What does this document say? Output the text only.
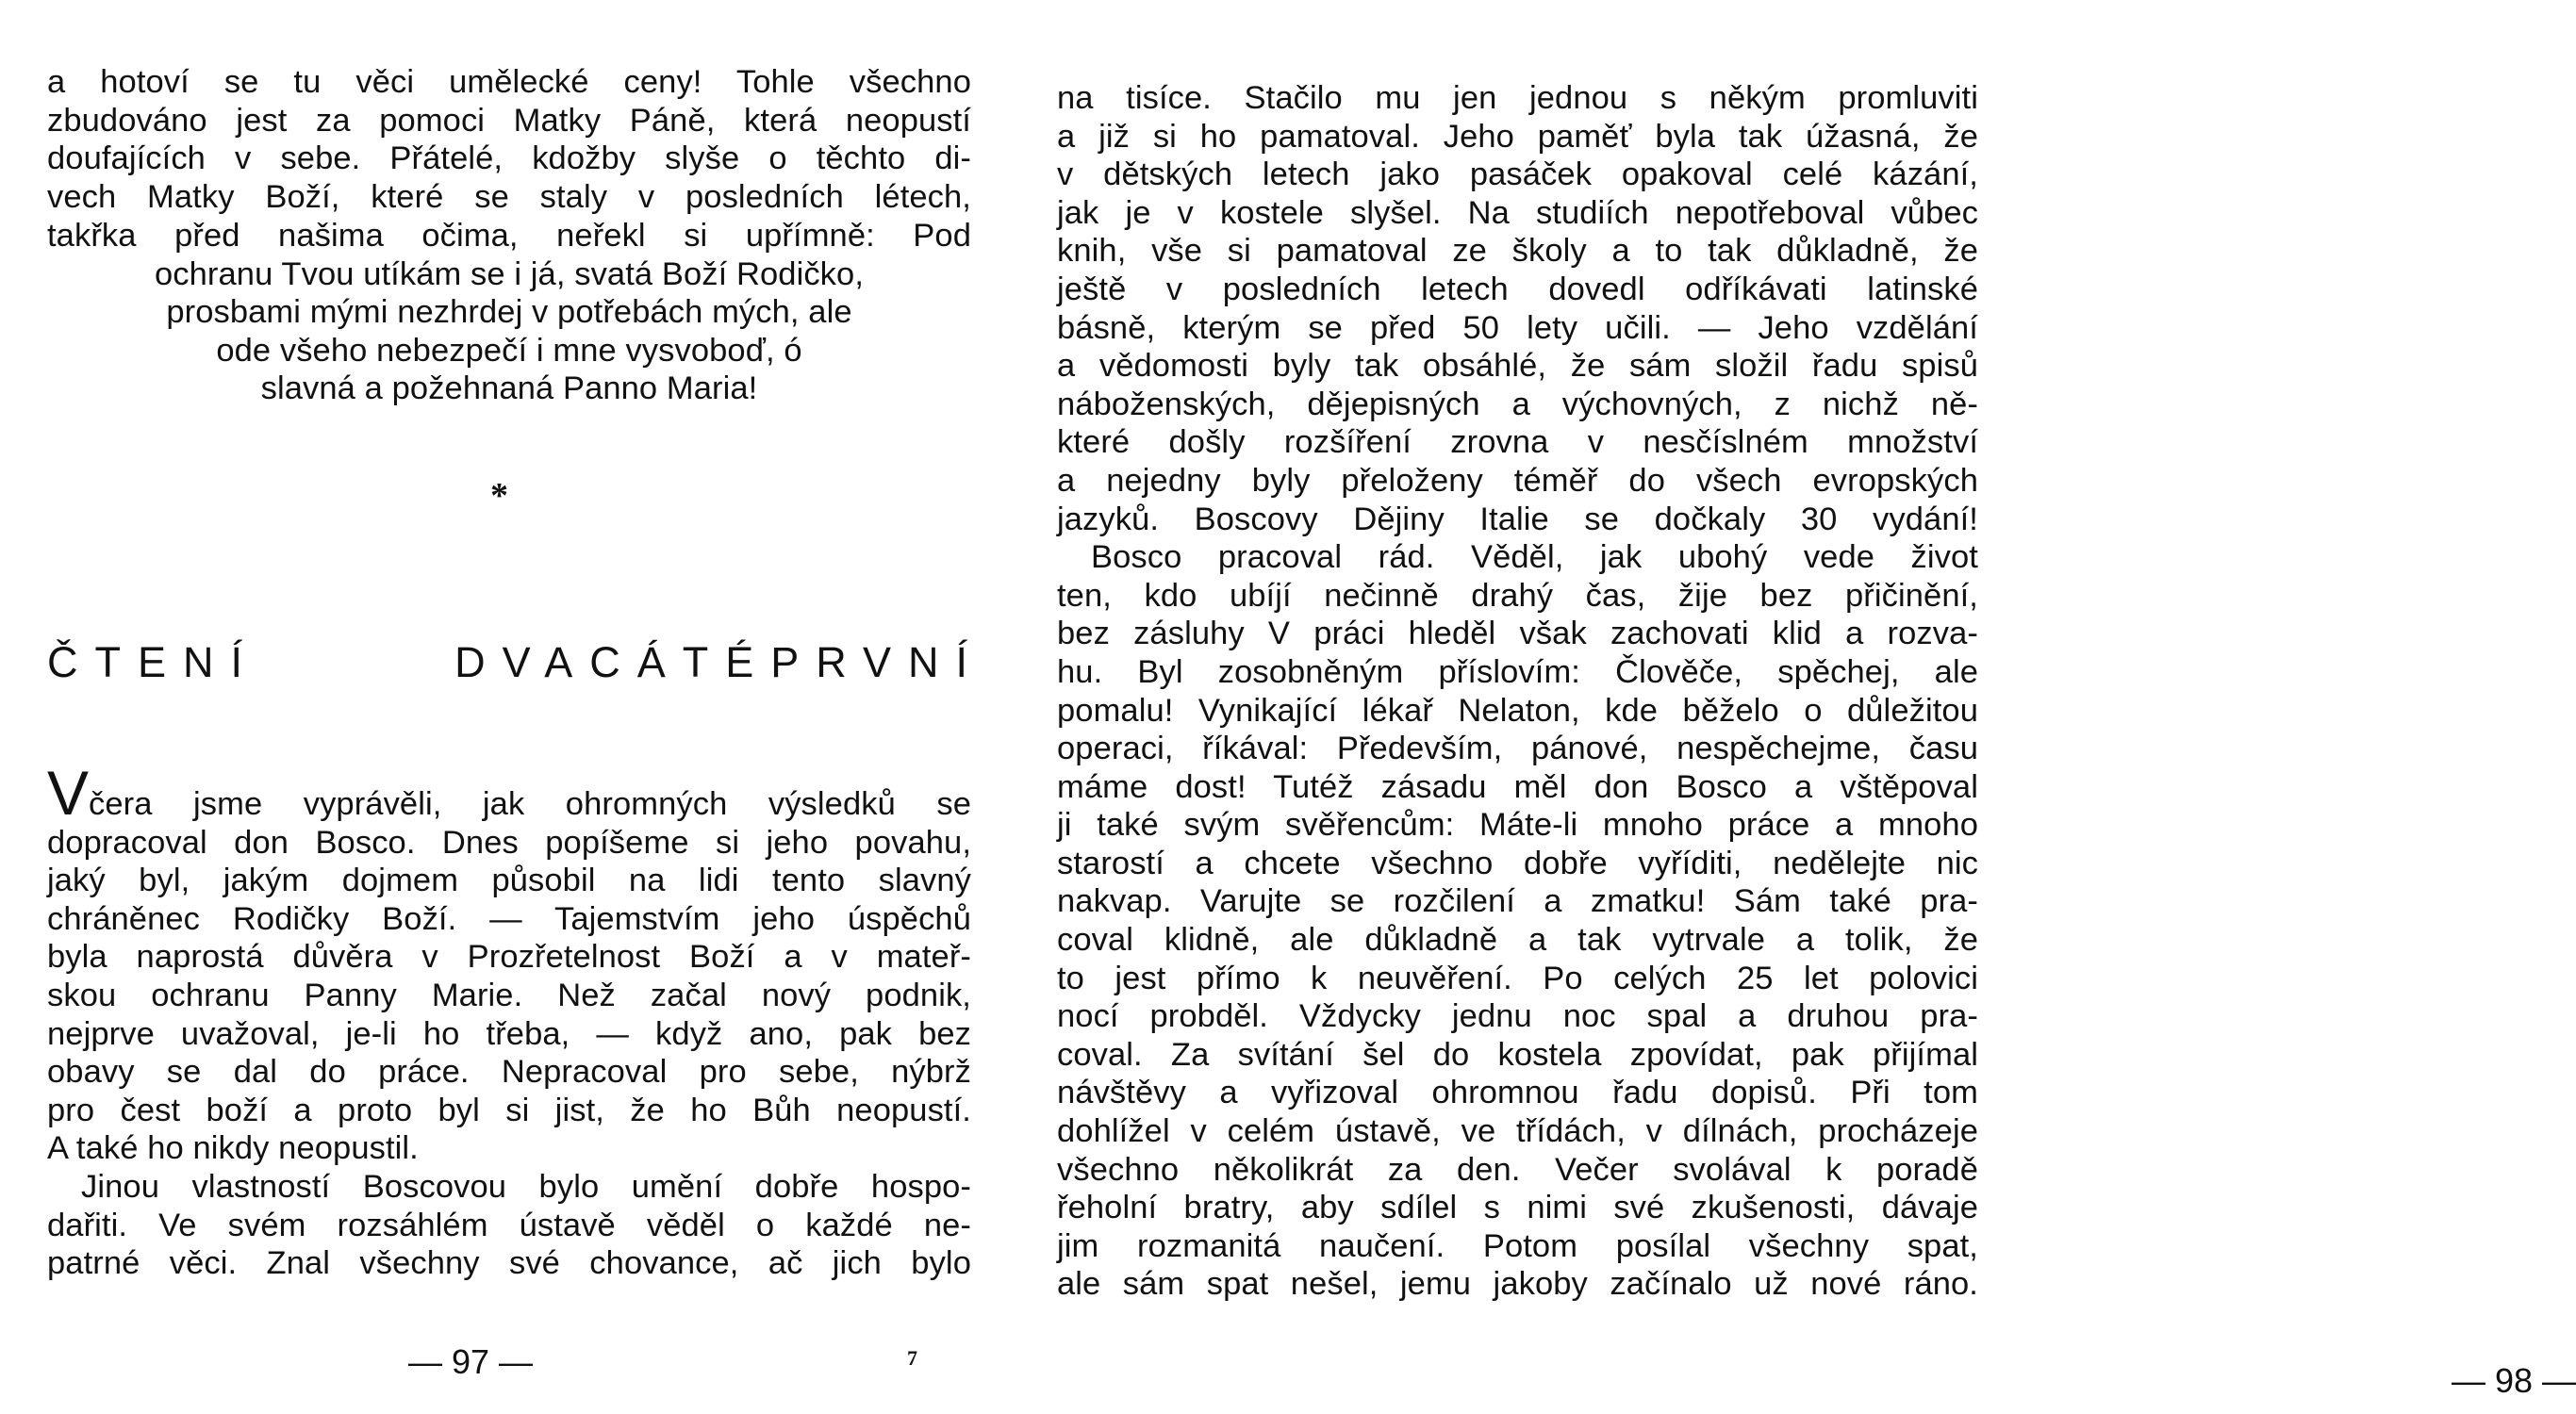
a hotoví se tu věci umělecké ceny! Tohle všechno
zbudováno jest za pomoci Matky Páně, která neopustí
doufajících v sebe. Přátelé, kdožby slyše o těchto di-
vech Matky Boží, které se staly v posledních létech,
takřka před našima očima, neřekl si upřímně: Pod
ochranu Tvou utíkám se i já, svatá Boží Rodičko,
prosbami mými nezhrdej v potřebách mých, ale
ode všeho nebezpečí i mne vysvoboď, ó
slavná a požehnaná Panno Maria!
*
ČTENÍ	DVACÁTÉPRVNÍ
V čera jsme vyprávěli, jak ohromných výsledků se
dopracoval don Bosco. Dnes popíšeme si jeho povahu,
jaký byl, jakým dojmem působil na lidi tento slavný
chráněnec Rodičky Boží. — Tajemstvím jeho úspěchů
byla naprostá důvěra v Prozřetelnost Boží a v mateř-
skou ochranu Panny Marie. Než začal nový podnik,
nejprve uvažoval, je-li ho třeba, — když ano, pak bez
obavy se dal do práce. Nepracoval pro sebe, nýbrž
pro čest boží a proto byl si jist, že ho Bůh neopustí.
A také ho nikdy neopustil.
Jinou vlastností Boscovou bylo umění dobře hospo-
dařiti. Ve svém rozsáhlém ústavě věděl o každé ne-
patrné věci. Znal všechny své chovance, ač jich bylo
— 97 —	7
na tisíce. Stačilo mu jen jednou s někým promluviti
a již si ho pamatoval. Jeho paměť byla tak úžasná, že
v dětských letech jako pasáček opakoval celé kázání,
jak je v kostele slyšel. Na studiích nepotřeboval vůbec
knih, vše si pamatoval ze školy a to tak důkladně, že
ještě v posledních letech dovedl odříkávati latinské
básně, kterým se před 50 lety učili. — Jeho vzdělání
a vědomosti byly tak obsáhlé, že sám složil řadu spisů
náboženských, dějepisných a výchovných, z nichž ně-
které došly rozšíření zrovna v nesčíslném množství
a nejedny byly přeloženy téměř do všech evropských
jazyků. Boscovy Dějiny Italie se dočkaly 30 vydání!
Bosco pracoval rád. Věděl, jak ubohý vede život
ten, kdo ubíjí nečinně drahý čas, žije bez přičinění,
bez zásluhy V práci hleděl však zachovati klid a rozva-
hu. Byl zosobněným příslovím: Člověče, spěchej, ale
pomalu! Vynikající lékař Nelaton, kde běželo o důležitou
operaci, říkával: Především, pánové, nespěchejme, času
máme dost! Tutéž zásadu měl don Bosco a vštěpoval
ji také svým svěřencům: Máte-li mnoho práce a mnoho
starostí a chcete všechno dobře vyříditi, nedělejte nic
nakvap. Varujte se rozčilení a zmatku! Sám také pra-
coval klidně, ale důkladně a tak vytrvale a tolik, že
to jest přímo k neuvěření. Po celých 25 let polovici
nocí probděl. Vždycky jednu noc spal a druhou pra-
coval. Za svítání šel do kostela zpovídat, pak přijímal
návštěvy a vyřizoval ohromnou řadu dopisů. Při tom
dohlížel v celém ústavě, ve třídách, v dílnách, procházeje
všechno několikrát za den. Večer svolával k poradě
řeholní bratry, aby sdílel s nimi své zkušenosti, dávaje
jim rozmanitá naučení. Potom posílal všechny spat,
ale sám spat nešel, jemu jakoby začínalo už nové ráno.
— 98 —
